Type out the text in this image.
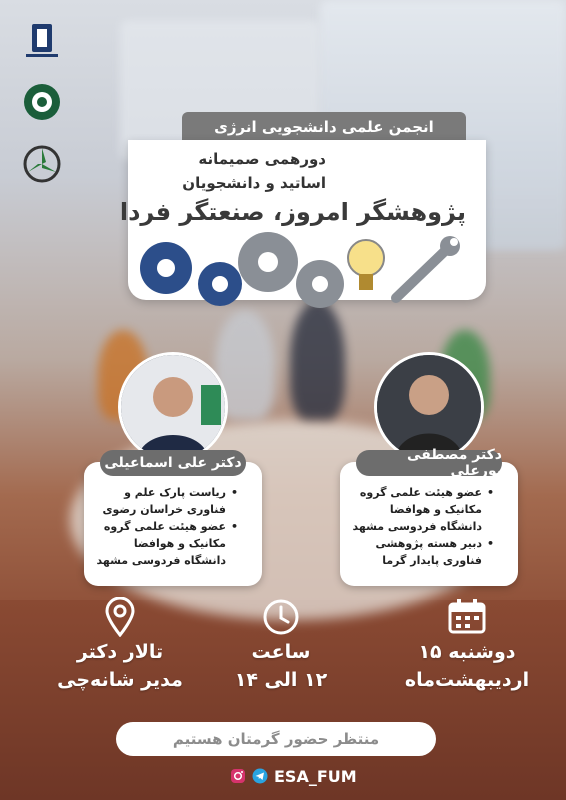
انجمن علمی دانشجویی انرژی
دورهمی صمیمانه
اساتید و دانشجویان
پژوهشگر امروز، صنعتگر فردا
دکتر مصطفی پورعلی
• عضو هیئت علمی گروه مکانیک و هوافضا دانشگاه فردوسی مشهد
• دبیر هسته پژوهشی فناوری پایدار گرما
دکتر علی اسماعیلی
• ریاست پارک علم و فناوری خراسان رضوی
• عضو هیئت علمی گروه مکانیک و هوافضا دانشگاه فردوسی مشهد
دوشنبه ۱۵
اردیبهشت‌ماه
ساعت
۱۲ الی ۱۴
تالار دکتر
مدیر شانه‌چی
منتظر حضور گرمتان هستیم
ESA_FUM
